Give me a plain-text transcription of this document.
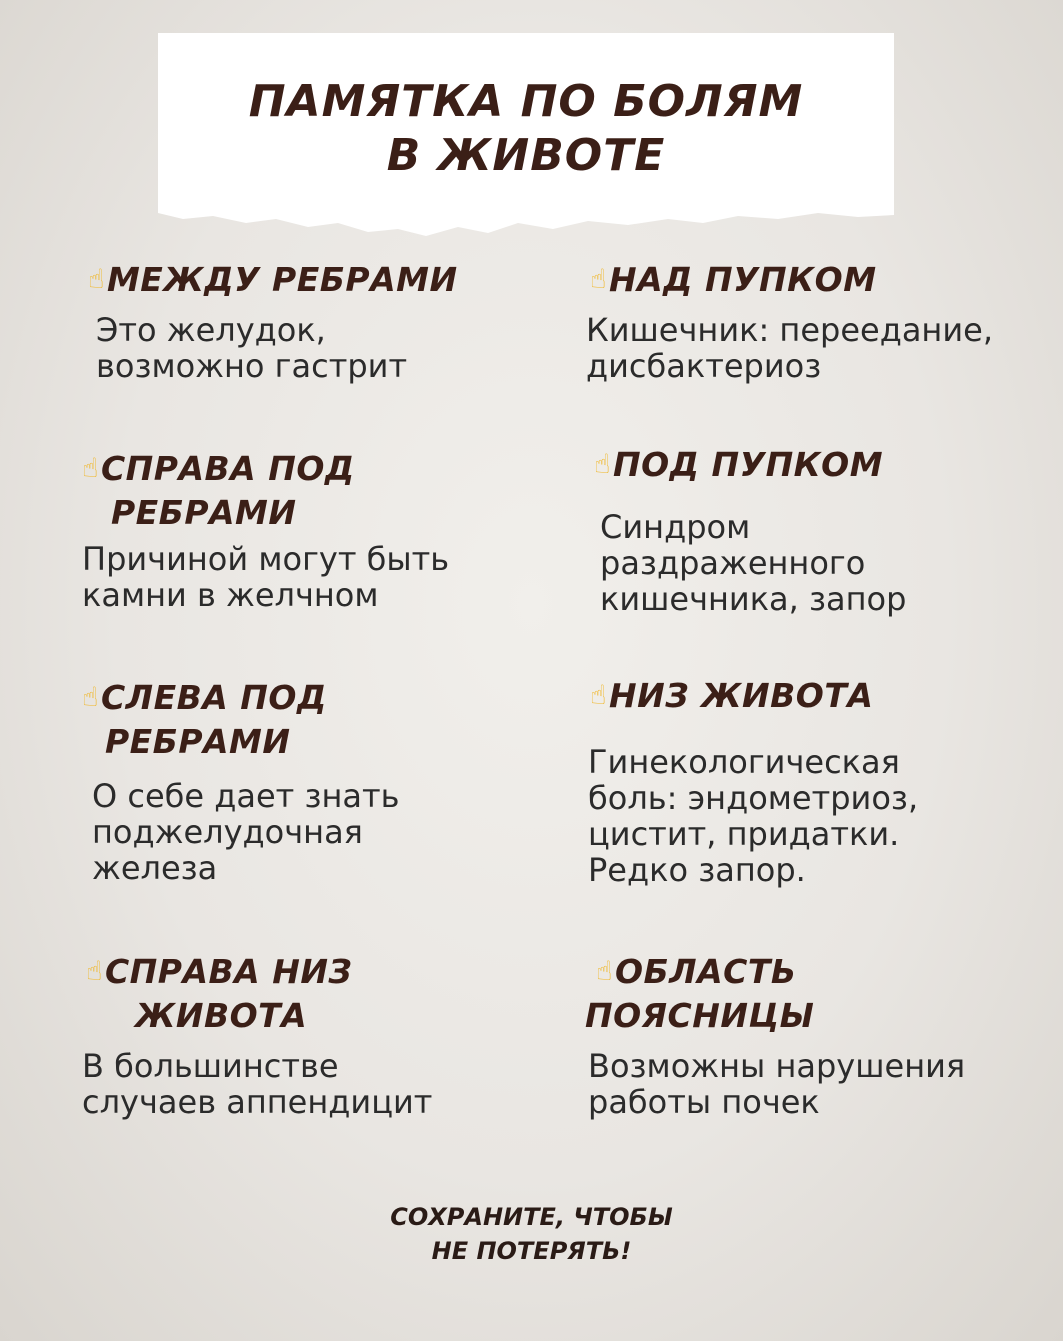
ПАМЯТКА ПО БОЛЯМ
В ЖИВОТЕ
☝ МЕЖДУ РЕБРАМИ
Это желудок,
возможно гастрит
☝ НАД ПУПКОМ
Кишечник: переедание,
дисбактериоз
☝ СПРАВА ПОД
РЕБРАМИ
Причиной могут быть
камни в желчном
☝ ПОД ПУПКОМ
Синдром
раздраженного
кишечника, запор
☝ СЛЕВА ПОД
РЕБРАМИ
О себе дает знать
поджелудочная
железа
☝ НИЗ ЖИВОТА
Гинекологическая
боль: эндометриоз,
цистит, придатки.
Редко запор.
☝ СПРАВА НИЗ
ЖИВОТА
В большинстве
случаев аппендицит
☝ ОБЛАСТЬ
ПОЯСНИЦЫ
Возможны нарушения
работы почек
СОХРАНИТЕ, ЧТОБЫ
НЕ ПОТЕРЯТЬ!
